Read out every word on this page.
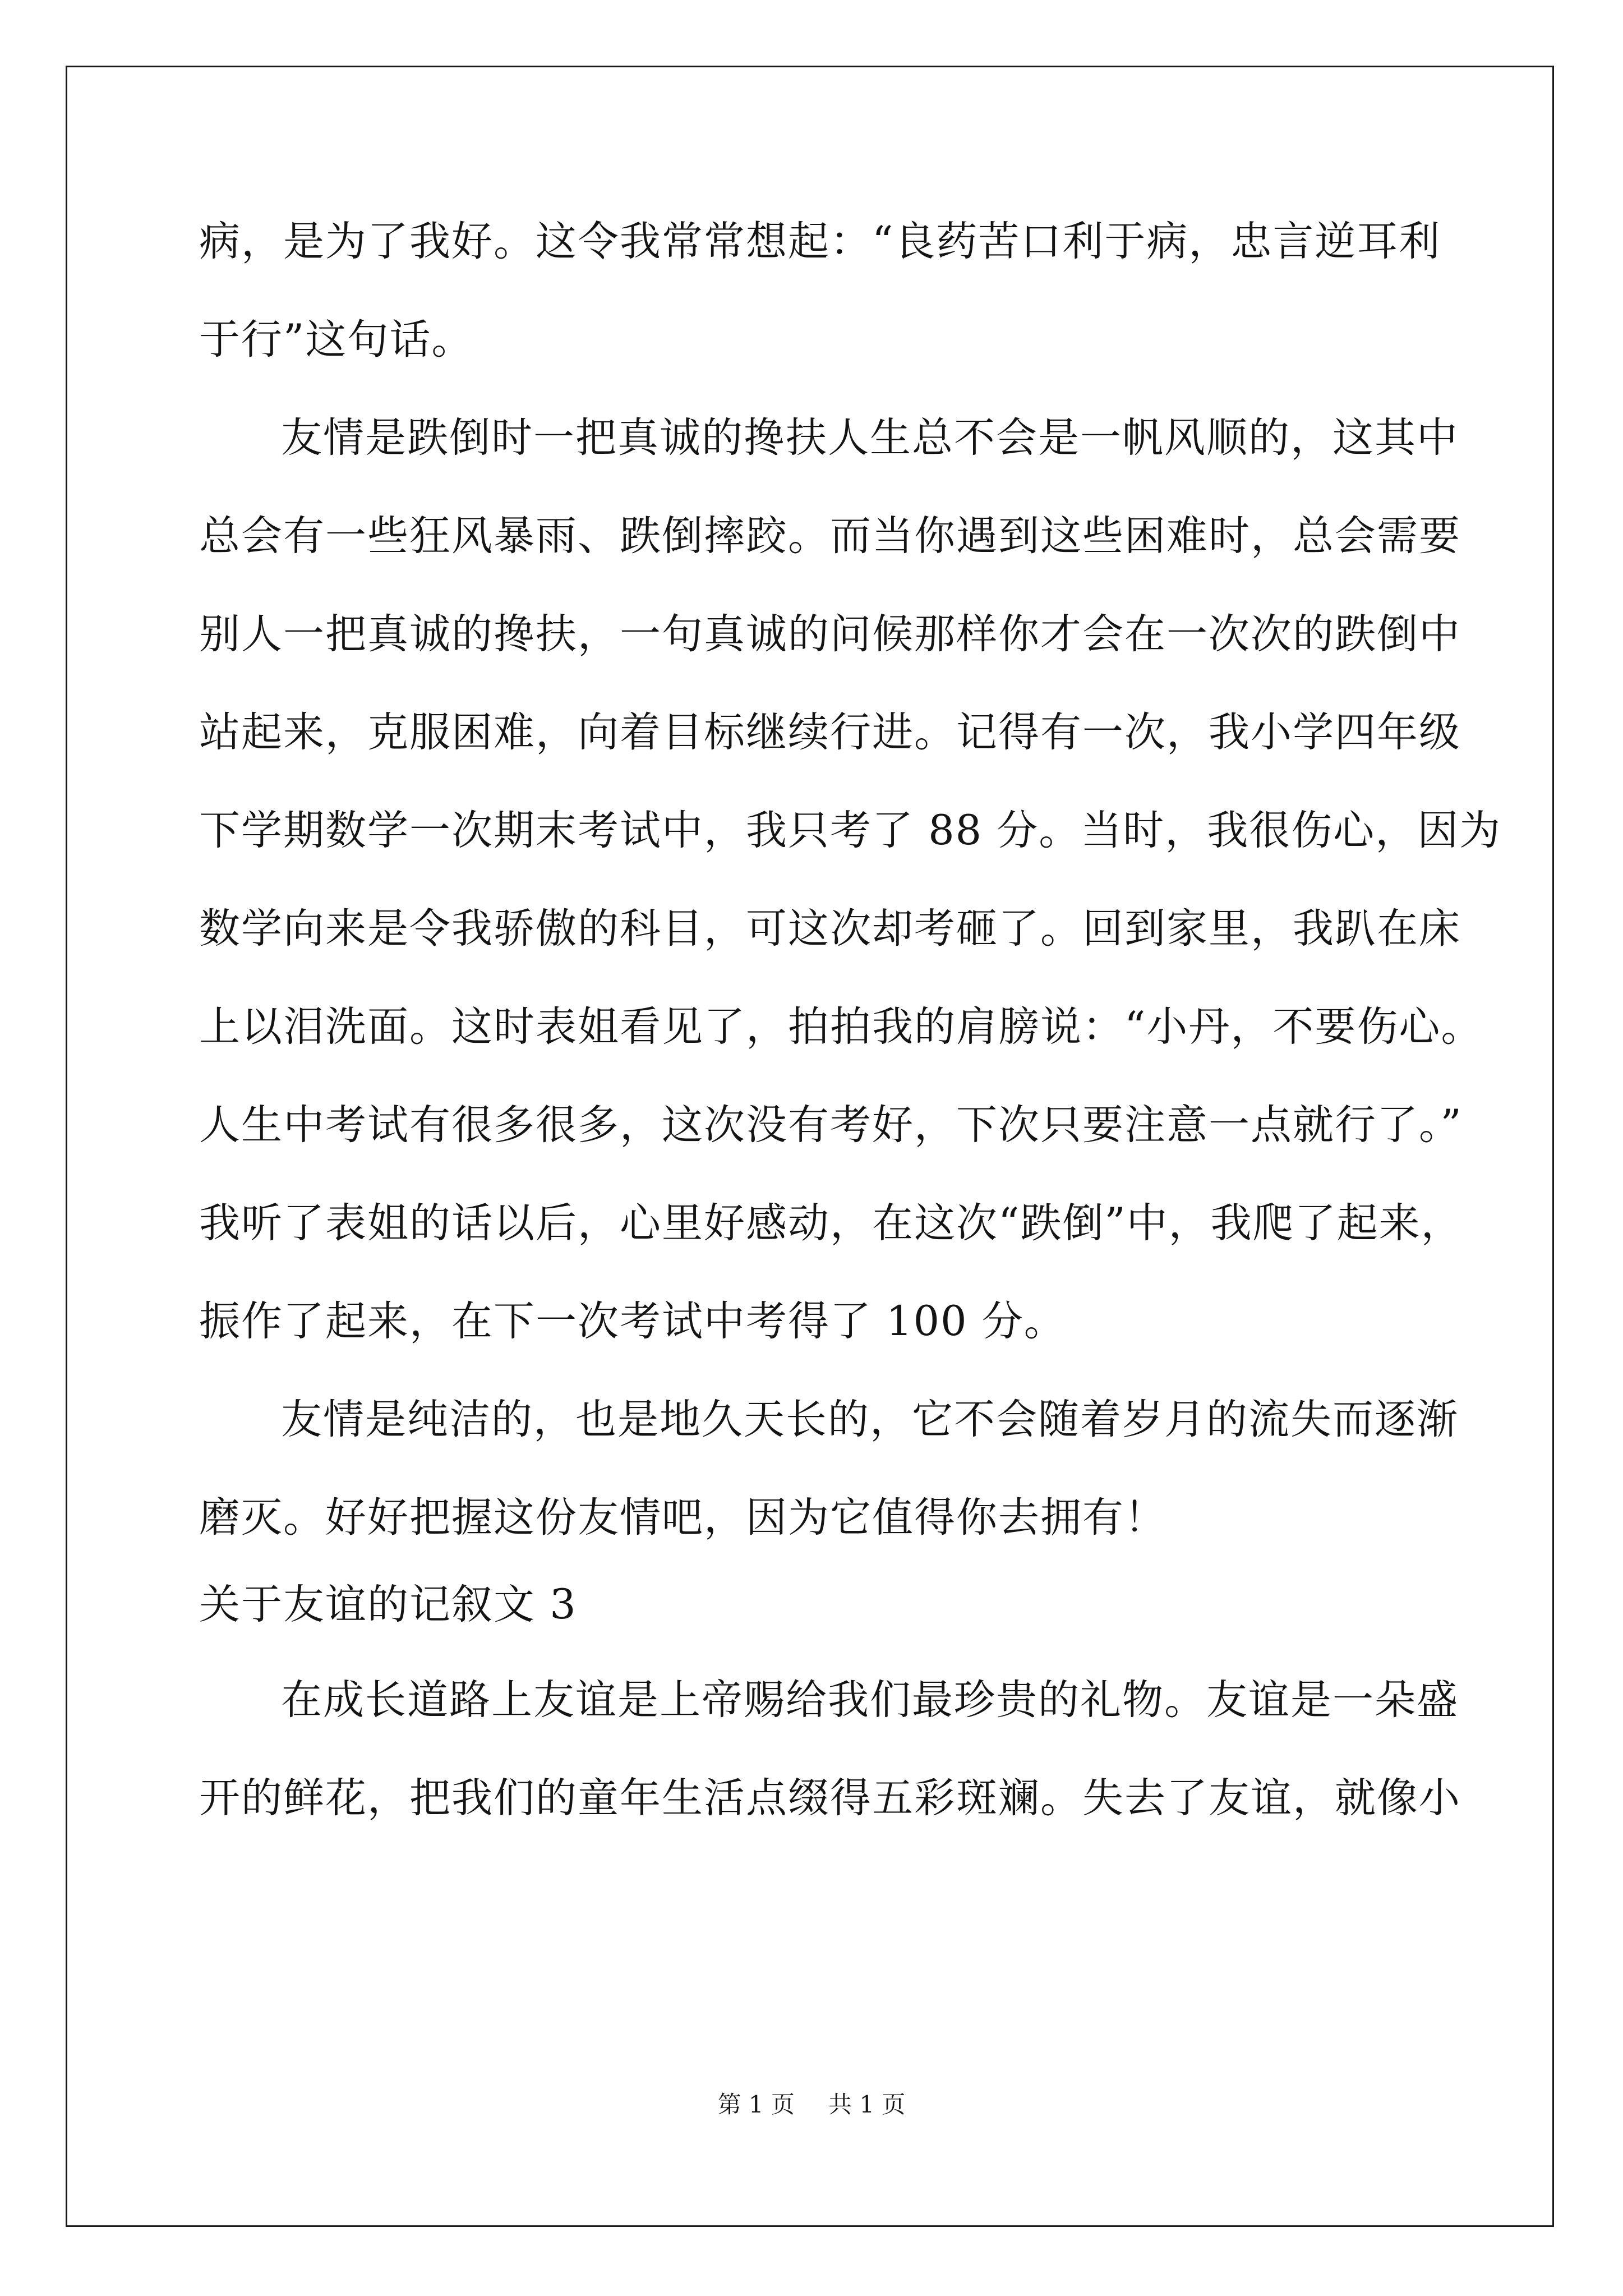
病，是为了我好。这令我常常想起：“良药苦口利于病，忠言逆耳利
于行”这句话。
友情是跌倒时一把真诚的搀扶人生总不会是一帆风顺的，这其中
总会有一些狂风暴雨、跌倒摔跤。而当你遇到这些困难时，总会需要
别人一把真诚的搀扶，一句真诚的问候那样你才会在一次次的跌倒中
站起来，克服困难，向着目标继续行进。记得有一次，我小学四年级
下学期数学一次期末考试中，我只考了 88 分。当时，我很伤心，因为
数学向来是令我骄傲的科目，可这次却考砸了。回到家里，我趴在床
上以泪洗面。这时表姐看见了，拍拍我的肩膀说：“小丹，不要伤心。
人生中考试有很多很多，这次没有考好，下次只要注意一点就行了。”
我听了表姐的话以后，心里好感动，在这次“跌倒”中，我爬了起来，
振作了起来，在下一次考试中考得了 100 分。
友情是纯洁的，也是地久天长的，它不会随着岁月的流失而逐渐
磨灭。好好把握这份友情吧，因为它值得你去拥有！
关于友谊的记叙文 3
在成长道路上友谊是上帝赐给我们最珍贵的礼物。友谊是一朵盛
开的鲜花，把我们的童年生活点缀得五彩斑斓。失去了友谊，就像小
第 1 页 共 1 页
